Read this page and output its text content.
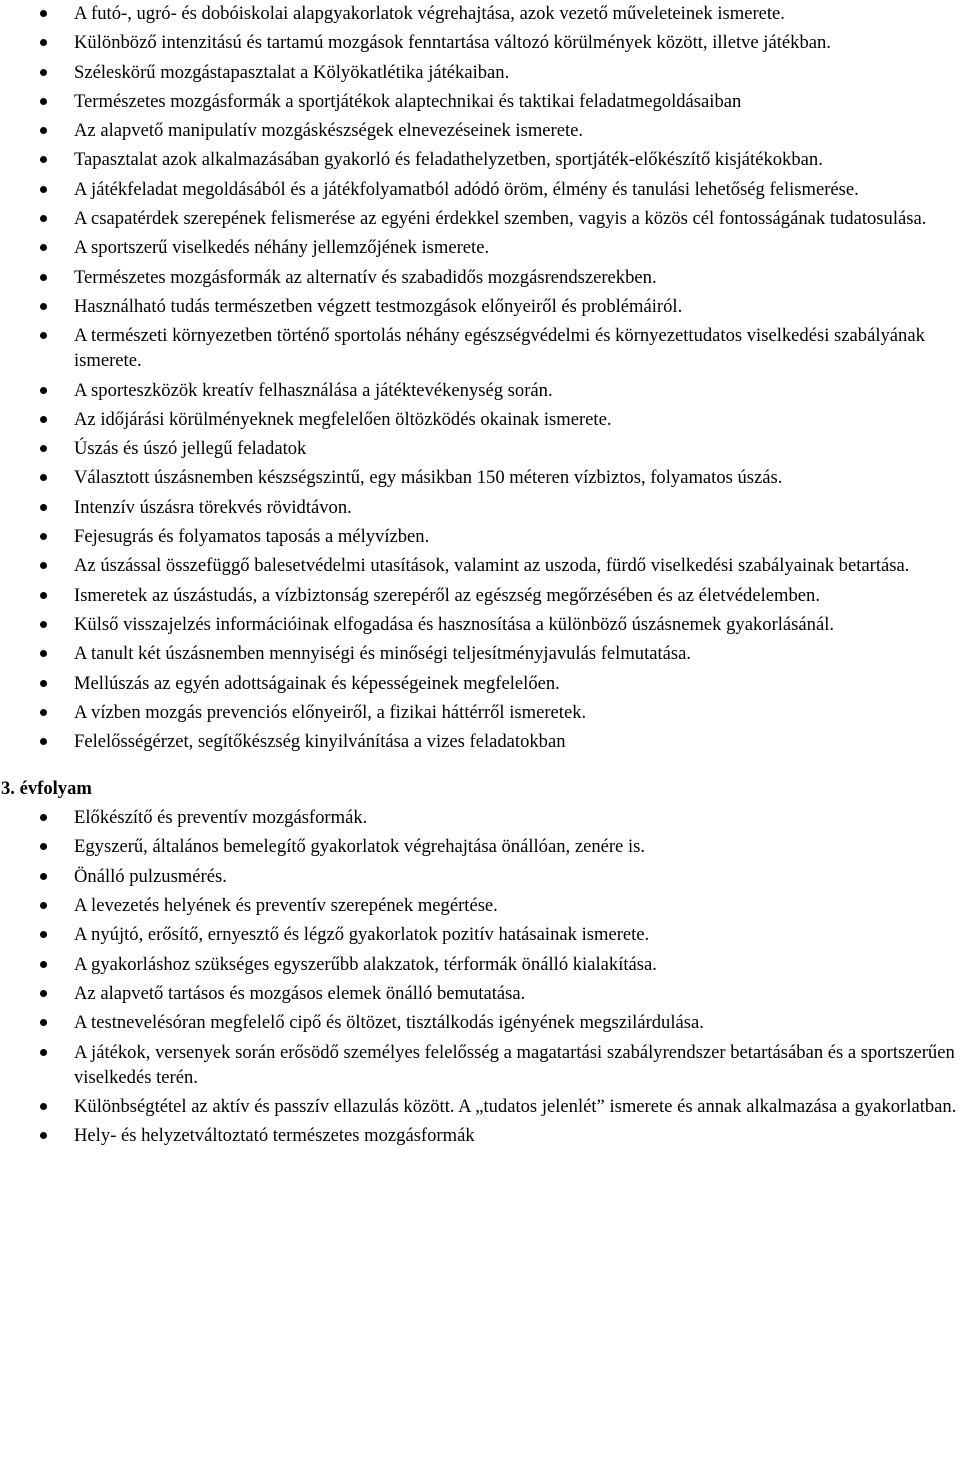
A futó-, ugró- és dobóiskolai alapgyakorlatok végrehajtása, azok vezető műveleteinek ismerete.
Különböző intenzitású és tartamú mozgások fenntartása változó körülmények között, illetve játékban.
Széleskörű mozgástapasztalat a Kölyökatlétika játékaiban.
Természetes mozgásformák a sportjátékok alaptechnikai és taktikai feladatmegoldásaiban
Az alapvető manipulatív mozgáskészségek elnevezéseinek ismerete.
Tapasztalat azok alkalmazásában gyakorló és feladathelyzetben, sportjáték-előkészítő kisjátékokban.
A játékfeladat megoldásából és a játékfolyamatból adódó öröm, élmény és tanulási lehetőség felismerése.
A csapatérdek szerepének felismerése az egyéni érdekkel szemben, vagyis a közös cél fontosságának tudatosulása.
A sportszerű viselkedés néhány jellemzőjének ismerete.
Természetes mozgásformák az alternatív és szabadidős mozgásrendszerekben.
Használható tudás természetben végzett testmozgások előnyeiről és problémáiról.
A természeti környezetben történő sportolás néhány egészségvédelmi és környezettudatos viselkedési szabályának ismerete.
A sporteszközök kreatív felhasználása a játéktevékenység során.
Az időjárási körülményeknek megfelelően öltözködés okainak ismerete.
Úszás és úszó jellegű feladatok
Választott úszásnemben készségszintű, egy másikban 150 méteren vízbiztos, folyamatos úszás.
Intenzív úszásra törekvés rövidtávon.
Fejesugrás és folyamatos taposás a mélyvízben.
Az úszással összefüggő balesetvédelmi utasítások, valamint az uszoda, fürdő viselkedési szabályainak betartása.
Ismeretek az úszástudás, a vízbiztonság szerepéről az egészség megőrzésében és az életvédelemben.
Külső visszajelzés információinak elfogadása és hasznosítása a különböző úszásnemek gyakorlásánál.
A tanult két úszásnemben mennyiségi és minőségi teljesítményjavulás felmutatása.
Mellúszás az egyén adottságainak és képességeinek megfelelően.
A vízben mozgás prevenciós előnyeiről, a fizikai háttérről ismeretek.
Felelősségérzet, segítőkészség kinyilvánítása a vizes feladatokban
3. évfolyam
Előkészítő és preventív mozgásformák.
Egyszerű, általános bemelegítő gyakorlatok végrehajtása önállóan, zenére is.
Önálló pulzusmérés.
A levezetés helyének és preventív szerepének megértése.
A nyújtó, erősítő, ernyesztő és légző gyakorlatok pozitív hatásainak ismerete.
A gyakorláshoz szükséges egyszerűbb alakzatok, térformák önálló kialakítása.
Az alapvető tartásos és mozgásos elemek önálló bemutatása.
A testnevelésóran megfelelő cipő és öltözet, tisztálkodás igényének megszilárdulása.
A játékok, versenyek során erősödő személyes felelősség a magatartási szabályrendszer betartásában és a sportszerűen viselkedés terén.
Különbségtétel az aktív és passzív ellazulás között. A „tudatos jelenlét” ismerete és annak alkalmazása a gyakorlatban.
Hely- és helyzetváltoztató természetes mozgásformák
